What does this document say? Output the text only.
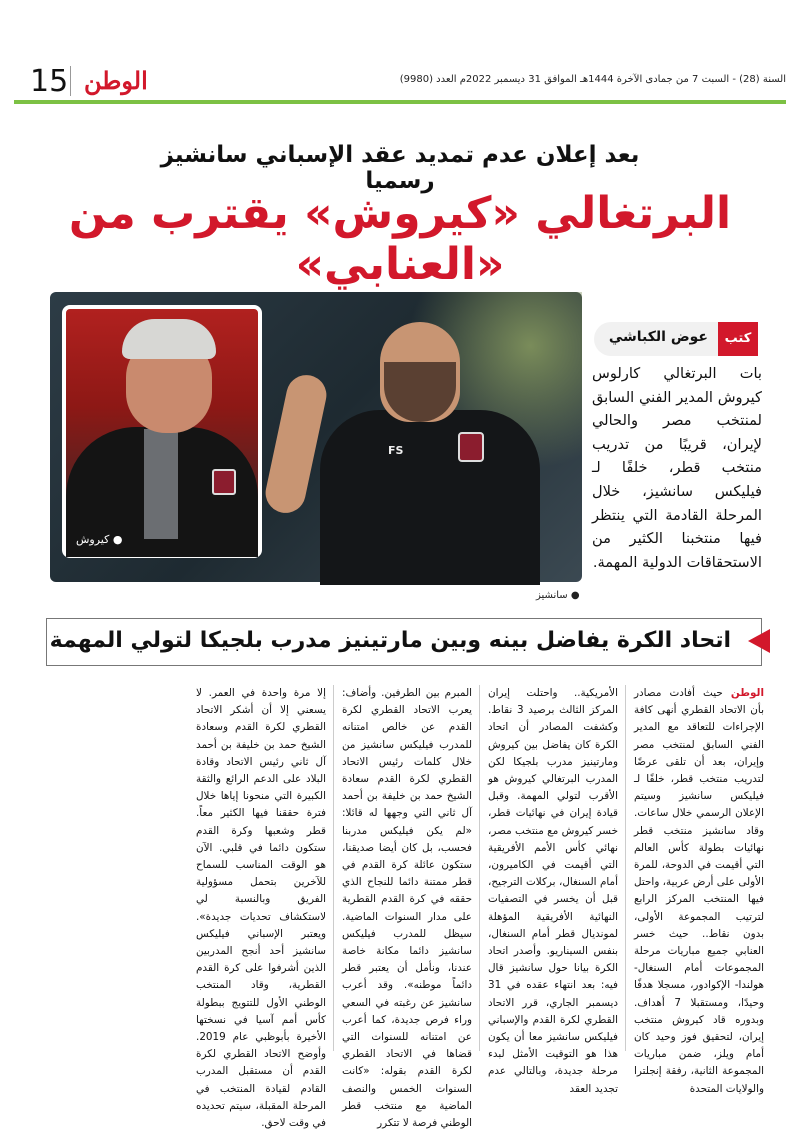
السنة (28) - السبت 7 من جمادى الآخرة 1444هـ الموافق 31 ديسمبر 2022م العدد (9980)
الوطن
15
بعد إعلان عدم تمديد عقد الإسباني سانشيز رسميا
البرتغالي «كيروش» يقترب من «العنابي»
FS
● كيروش
● سانشيز
كتب
عوض الكباشي
بات البرتغالي كارلوس كيروش المدير الفني السابق لمنتخب مصر والحالي لإيران، قريبًا من تدريب منتخب قطر، خلفًا لـ فيليكس سانشيز، خلال المرحلة القادمة التي ينتظر فيها منتخبنا الكثير من الاستحقاقات الدولية المهمة.
اتحاد الكرة يفاضل بينه وبين مارتينيز مدرب بلجيكا لتولي المهمة

الوطن حيث أفادت مصادر بأن الاتحاد القطري أنهى كافة الإجراءات للتعاقد مع المدير الفني السابق لمنتخب مصر وإيران، بعد أن تلقى عرضًا لتدريب منتخب قطر، خلفًا لـ فيليكس سانشيز وسيتم الإعلان الرسمي خلال ساعات. وقاد سانشيز منتخب قطر نهائيات بطولة كأس العالم التي أقيمت في الدوحة، للمرة الأولى على أرض عربية، واحتل فيها المنتخب المركز الرابع لترتيب المجموعة الأولى، بدون نقاط.. حيث خسر العنابي جميع مباريات مرحلة المجموعات أمام السنغال- هولندا- الإكوادور، مسجلا هدفًا وحيدًا، ومستقبلا 7 أهداف. وبدوره قاد كيروش منتخب إيران، لتحقيق فوز وحيد كان أمام ويلز، ضمن مباريات المجموعة الثانية، رفقة إنجلترا والولايات المتحدة

الأمريكية.. واحتلت إيران المركز الثالث برصيد 3 نقاط. وكشفت المصادر أن اتحاد الكرة كان يفاضل بين كيروش ومارتينيز مدرب بلجيكا لكن المدرب البرتغالي كيروش هو الأقرب لتولي المهمة. وقبل قيادة إيران في نهائيات قطر، خسر كيروش مع منتخب مصر، نهائي كأس الأمم الأفريقية التي أقيمت في الكاميرون، أمام السنغال، بركلات الترجيح، قبل أن يخسر في التصفيات النهائية الأفريقية المؤهلة لمونديال قطر أمام السنغال، بنفس السيناريو. وأصدر اتحاد الكرة بيانا حول سانشيز قال فيه: بعد انتهاء عقده في 31 ديسمبر الجاري، قرر الاتحاد القطري لكرة القدم والإسباني فيليكس سانشيز معا أن يكون هذا هو التوقيت الأمثل لبدء مرحلة جديدة، وبالتالي عدم تجديد العقد
المبرم بين الطرفين. وأضاف: يعرب الاتحاد القطري لكرة القدم عن خالص امتنانه للمدرب فيليكس سانشيز من خلال كلمات رئيس الاتحاد القطري لكرة القدم سعادة الشيخ حمد بن خليفة بن أحمد آل ثاني التي وجهها له قائلا: «لم يكن فيليكس مدربنا فحسب، بل كان أيضا صديقنا، ستكون عائلة كرة القدم في قطر ممتنة دائما للنجاح الذي حققه في كرة القدم القطرية على مدار السنوات الماضية. سيظل للمدرب فيليكس سانشيز دائما مكانة خاصة عندنا، ونأمل أن يعتبر قطر دائماً موطنه». وقد أعرب سانشيز عن رغبته في السعي وراء فرص جديدة، كما أعرب عن امتنانه للسنوات التي قضاها في الاتحاد القطري لكرة القدم بقوله: «كانت السنوات الخمس والنصف الماضية مع منتخب قطر الوطني فرصة لا تتكرر
إلا مرة واحدة في العمر. لا يسعني إلا أن أشكر الاتحاد القطري لكرة القدم وسعادة الشيخ حمد بن خليفة بن أحمد آل ثاني رئيس الاتحاد وقادة البلاد على الدعم الرائع والثقة الكبيرة التي منحونا إياها خلال فترة حققنا فيها الكثير معاً. قطر وشعبها وكرة القدم ستكون دائما في قلبي. الآن هو الوقت المناسب للسماح للآخرين بتحمل مسؤولية الفريق وبالنسبة لي لاستكشاف تحديات جديدة». ويعتبر الإسباني فيليكس سانشيز أحد أنجح المدربين الذين أشرفوا على كرة القدم القطرية، وقاد المنتخب الوطني الأول للتتويج ببطولة كأس أمم آسيا في نسختها الأخيرة بأبوظبي عام 2019. وأوضح الاتحاد القطري لكرة القدم أن مستقبل المدرب القادم لقيادة المنتخب في المرحلة المقبلة، سيتم تحديده في وقت لاحق.
